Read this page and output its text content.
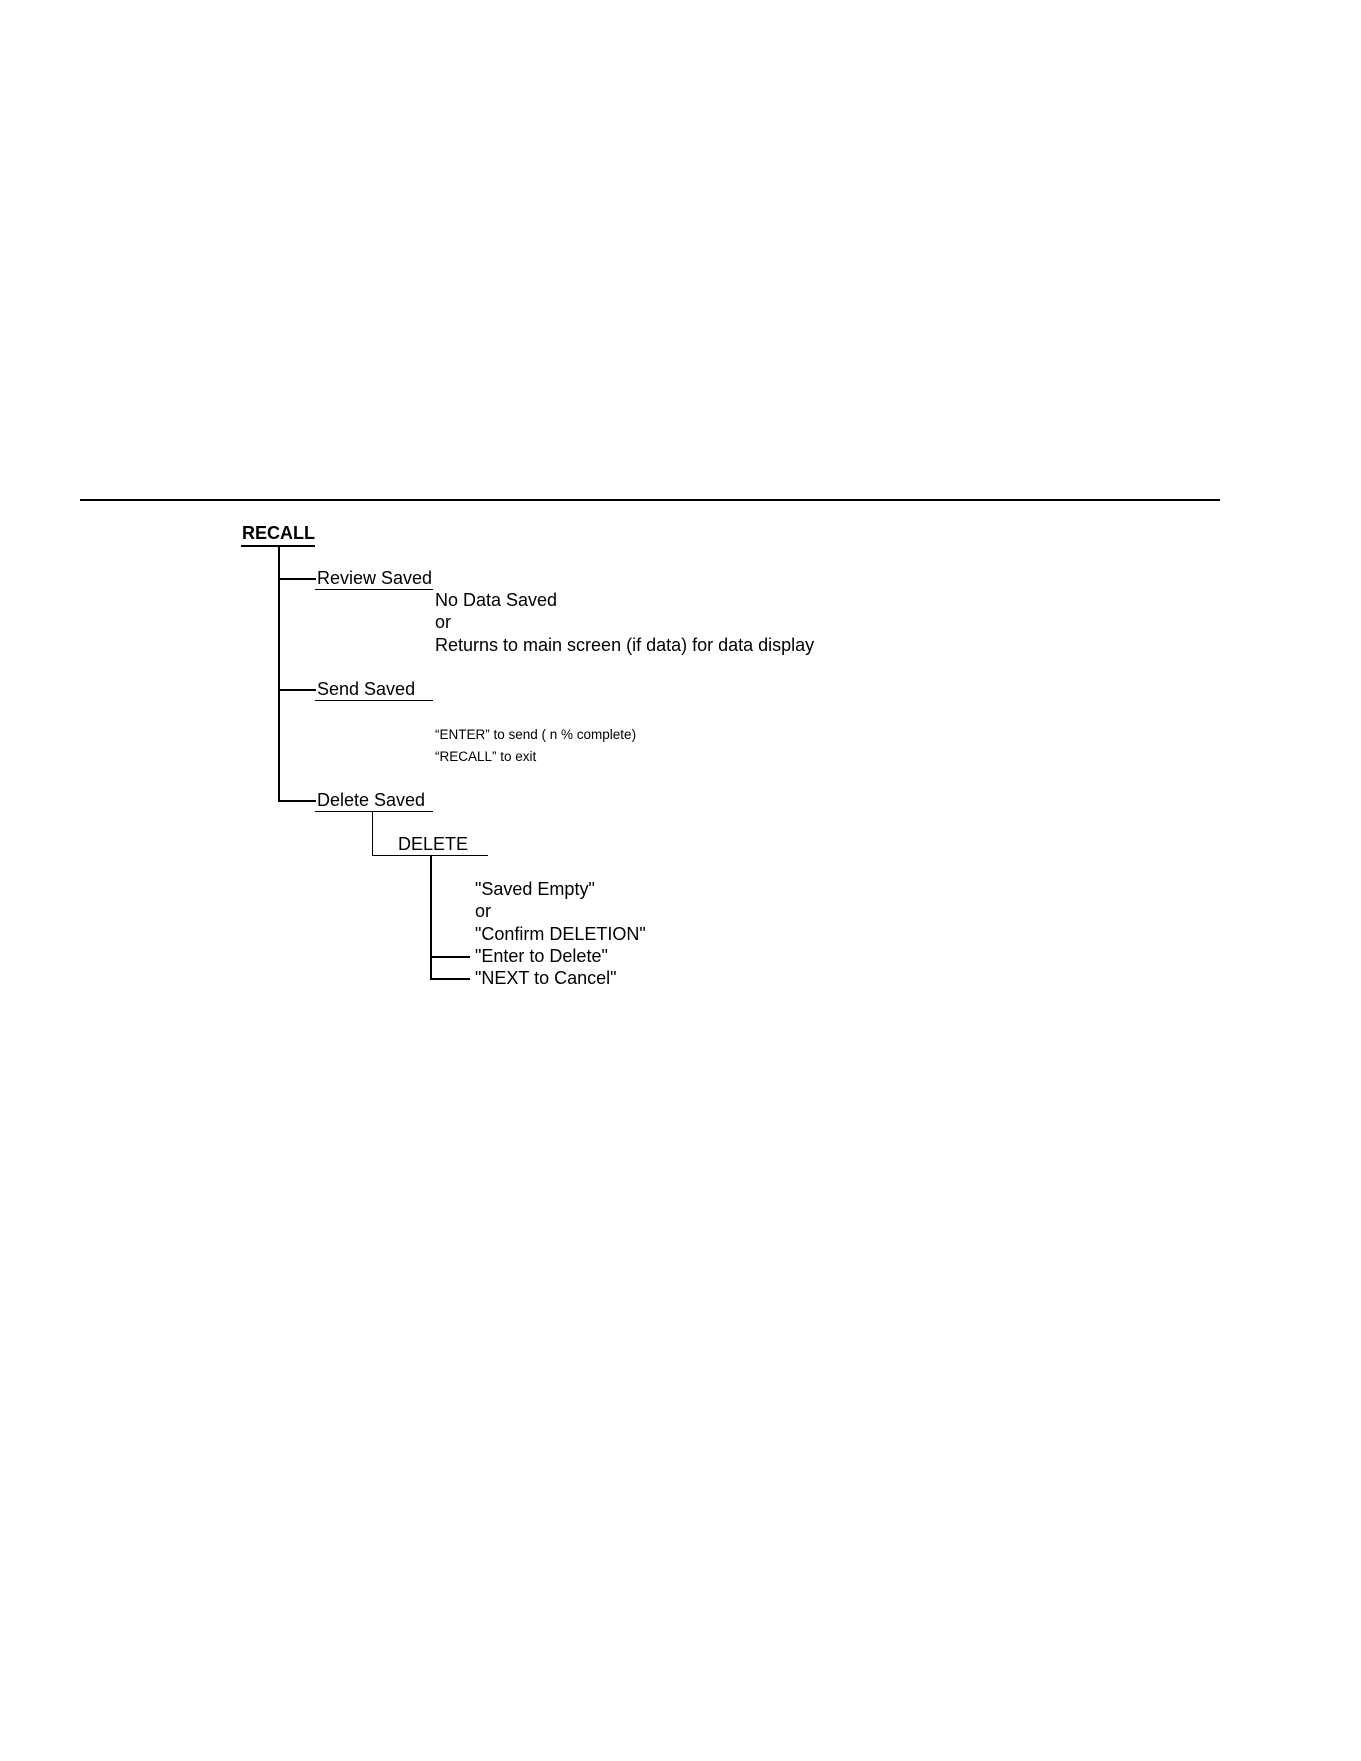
RECALL
Review Saved
No Data Saved
or
Returns to main screen (if data) for data display
Send Saved
“ENTER” to send ( n % complete)
“RECALL” to exit
Delete Saved
DELETE
"Saved Empty"
or
"Confirm DELETION"
"Enter to Delete"
"NEXT to Cancel"
